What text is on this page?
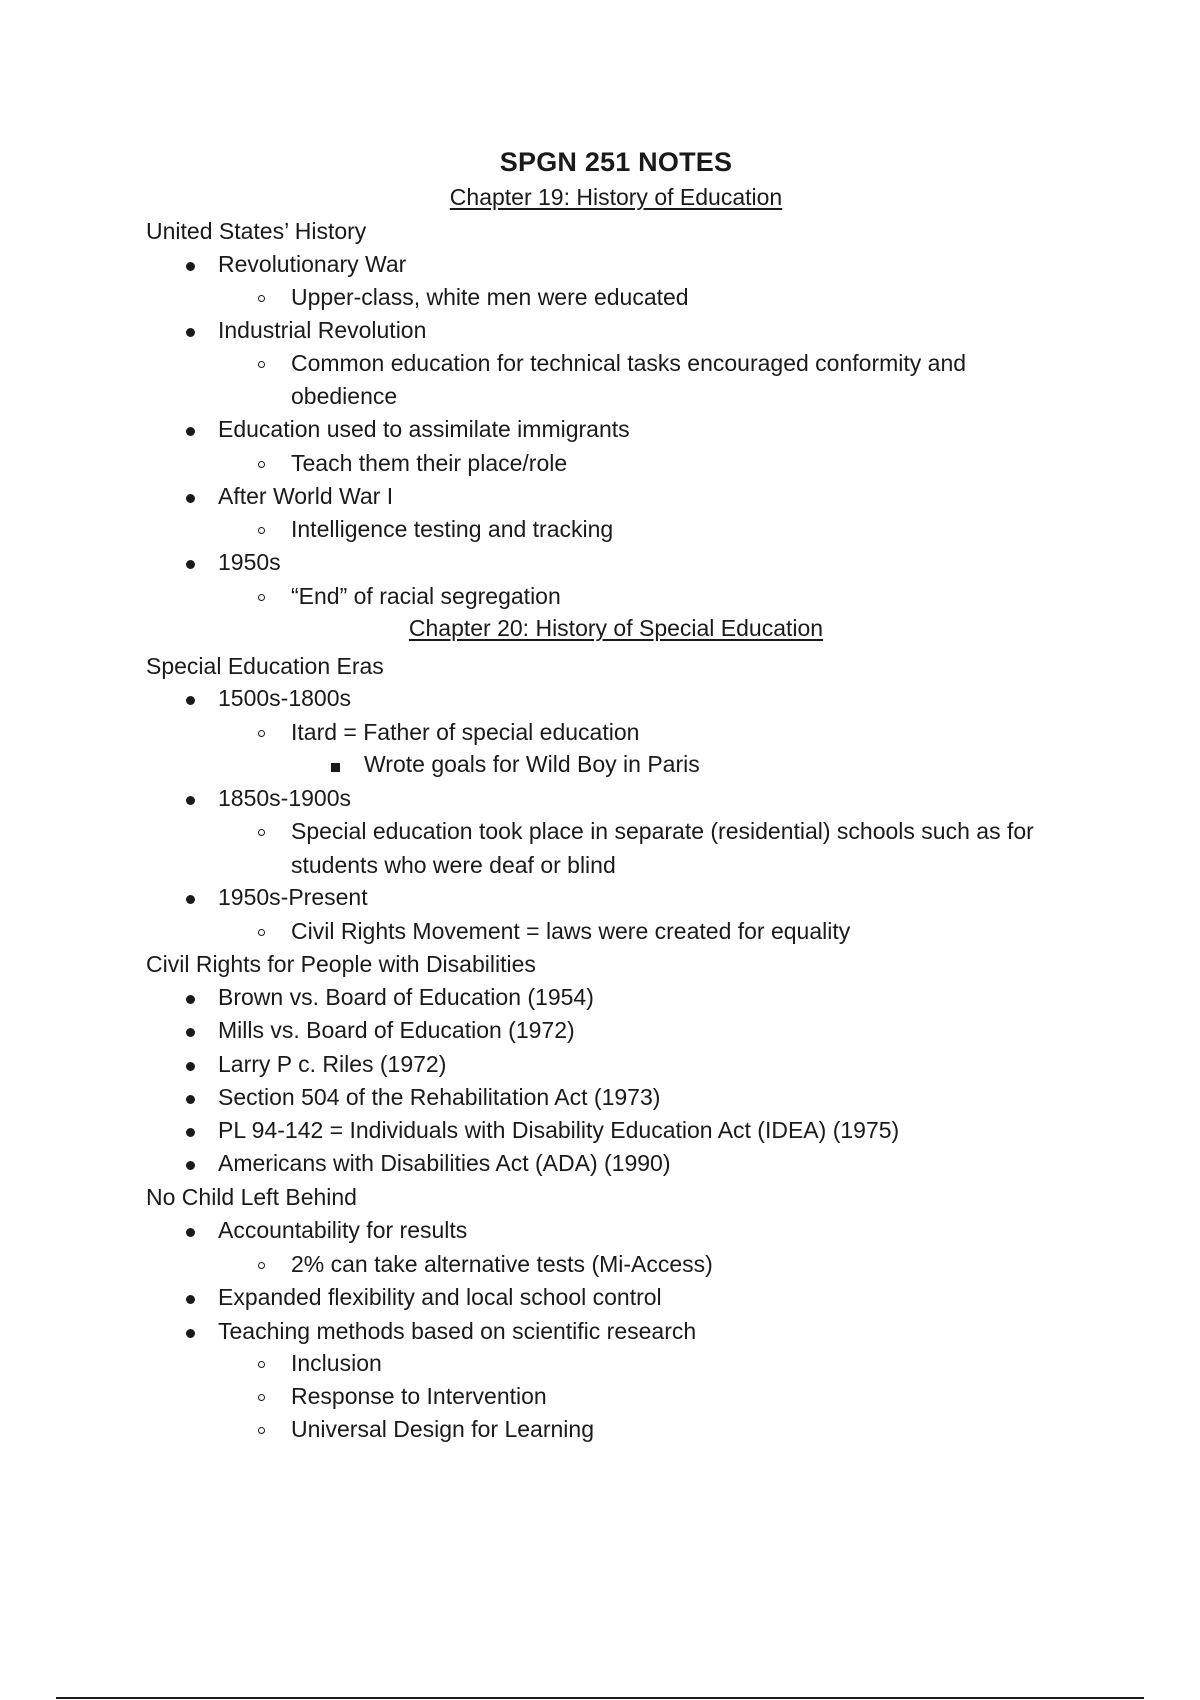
SPGN 251 NOTES
Chapter 19: History of Education
United States’ History
Revolutionary War
Upper-class, white men were educated
Industrial Revolution
Common education for technical tasks encouraged conformity and
obedience
Education used to assimilate immigrants
Teach them their place/role
After World War I
Intelligence testing and tracking
1950s
“End” of racial segregation
Chapter 20: History of Special Education
Special Education Eras
1500s-1800s
Itard = Father of special education
Wrote goals for Wild Boy in Paris
1850s-1900s
Special education took place in separate (residential) schools such as for
students who were deaf or blind
1950s-Present
Civil Rights Movement = laws were created for equality
Civil Rights for People with Disabilities
Brown vs. Board of Education (1954)
Mills vs. Board of Education (1972)
Larry P c. Riles (1972)
Section 504 of the Rehabilitation Act (1973)
PL 94-142 = Individuals with Disability Education Act (IDEA) (1975)
Americans with Disabilities Act (ADA) (1990)
No Child Left Behind
Accountability for results
2% can take alternative tests (Mi-Access)
Expanded flexibility and local school control
Teaching methods based on scientific research
Inclusion
Response to Intervention
Universal Design for Learning
